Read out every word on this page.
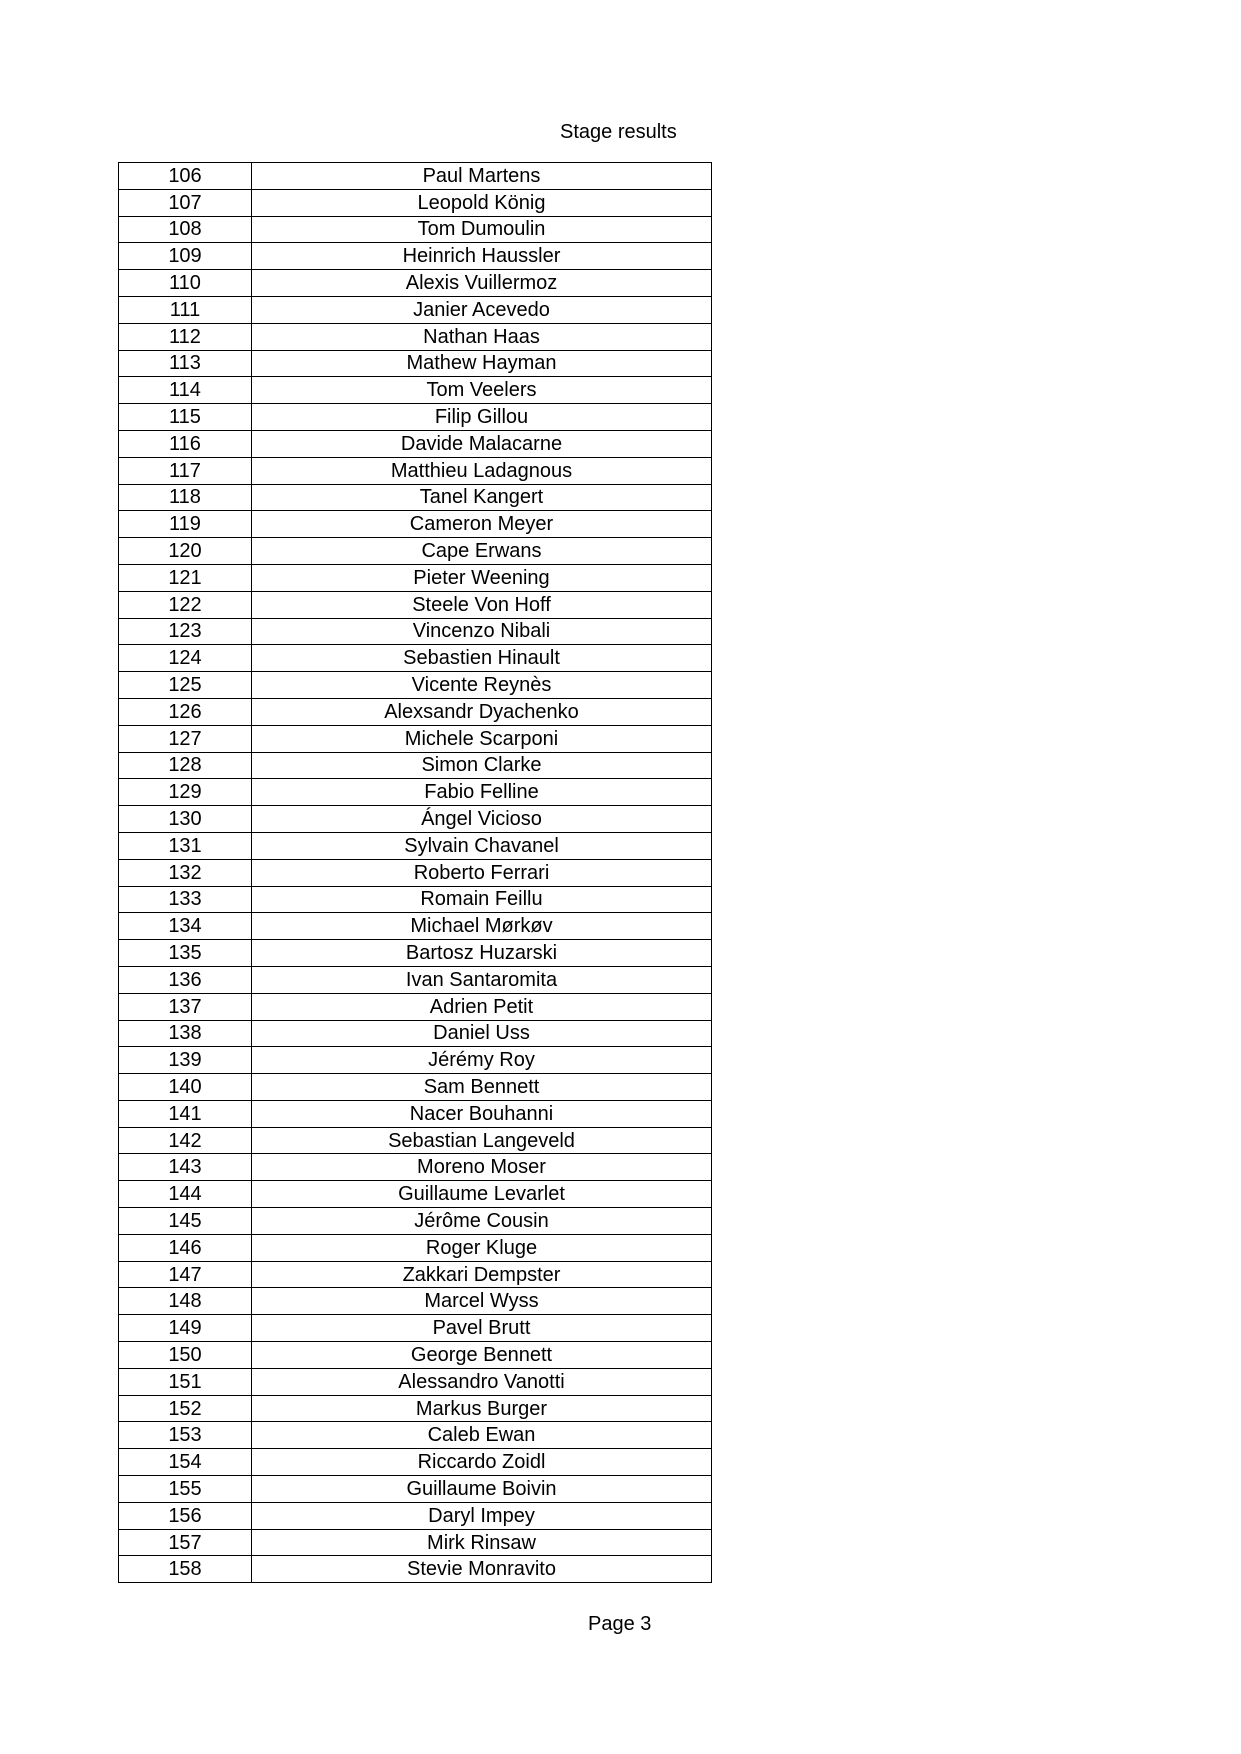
Stage results
106	Paul Martens
107	Leopold König
108	Tom Dumoulin
109	Heinrich Haussler
110	Alexis Vuillermoz
111	Janier Acevedo
112	Nathan Haas
113	Mathew Hayman
114	Tom Veelers
115	Filip Gillou
116	Davide Malacarne
117	Matthieu Ladagnous
118	Tanel Kangert
119	Cameron Meyer
120	Cape Erwans
121	Pieter Weening
122	Steele Von Hoff
123	Vincenzo Nibali
124	Sebastien Hinault
125	Vicente Reynès
126	Alexsandr Dyachenko
127	Michele Scarponi
128	Simon Clarke
129	Fabio Felline
130	Ángel Vicioso
131	Sylvain Chavanel
132	Roberto Ferrari
133	Romain Feillu
134	Michael Mørkøv
135	Bartosz Huzarski
136	Ivan Santaromita
137	Adrien Petit
138	Daniel Uss
139	Jérémy Roy
140	Sam Bennett
141	Nacer Bouhanni
142	Sebastian Langeveld
143	Moreno Moser
144	Guillaume Levarlet
145	Jérôme Cousin
146	Roger Kluge
147	Zakkari Dempster
148	Marcel Wyss
149	Pavel Brutt
150	George Bennett
151	Alessandro Vanotti
152	Markus Burger
153	Caleb Ewan
154	Riccardo Zoidl
155	Guillaume Boivin
156	Daryl Impey
157	Mirk Rinsaw
158	Stevie Monravito
Page 3
